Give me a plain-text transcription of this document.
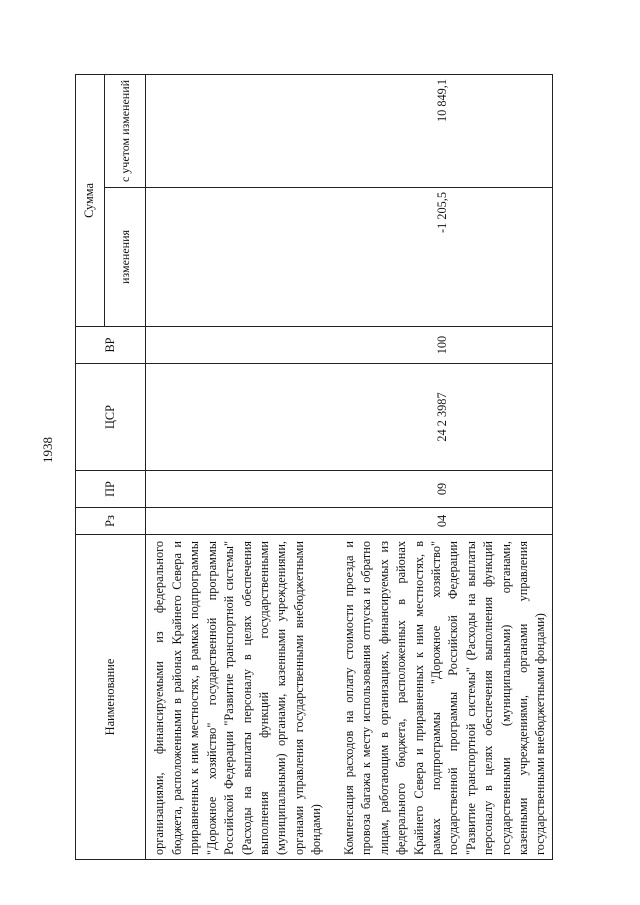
1938
Наименование	Рз	ПР	ЦСР	ВР	Сумма	
					изменения	с учетом изменений
организациями, финансируемыми из федерального бюджета, расположенными в районах Крайнего Севера и приравненных к ним местностях, в рамках подпрограммы "Дорожное хозяйство" государственной программы Российской Федерации "Развитие транспортной системы" (Расходы на выплаты персоналу в целях обеспечения выполнения функций государственными (муниципальными) органами, казенными учреждениями, органами управления государственными внебюджетными фондами)						
Компенсация расходов на оплату стоимости проезда и провоза багажа к месту использования отпуска и обратно лицам, работающим в организациях, финансируемых из федерального бюджета, расположенных в районах Крайнего Севера и приравненных к ним местностях, в рамках подпрограммы "Дорожное хозяйство" государственной программы Российской Федерации "Развитие транспортной системы" (Расходы на выплаты персоналу в целях обеспечения выполнения функций государственными (муниципальными) органами, казенными учреждениями, органами управления государственными внебюджетными фондами)	04	09	24 2 3987	100	-1 205,5	10 849,1
